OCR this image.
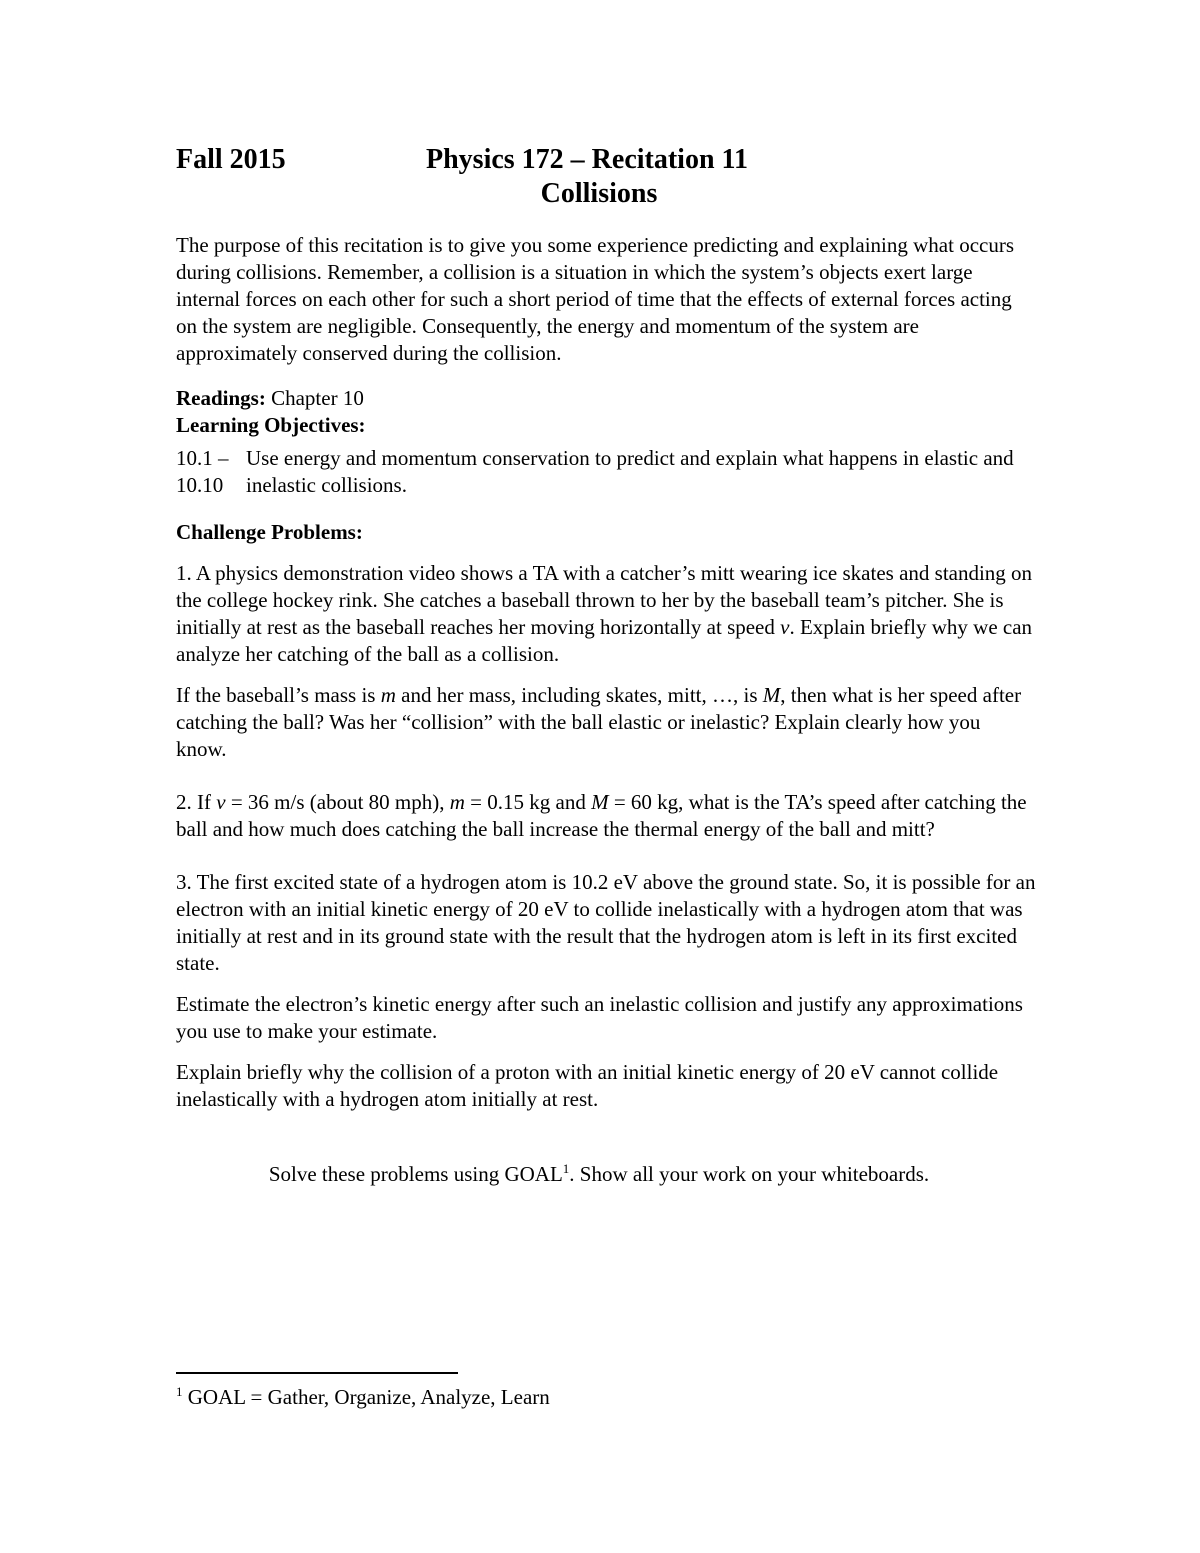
Fall 2015	Physics 172 – Recitation 11
Collisions

The purpose of this recitation is to give you some experience predicting and explaining what occurs during collisions. Remember, a collision is a situation in which the system’s objects exert large internal forces on each other for such a short period of time that the effects of external forces acting on the system are negligible. Consequently, the energy and momentum of the system are approximately conserved during the collision.

Readings: Chapter 10

Learning Objectives:

10.1 – 10.10
Use energy and momentum conservation to predict and explain what happens in elastic and inelastic collisions.

Challenge Problems:

1. A physics demonstration video shows a TA with a catcher’s mitt wearing ice skates and standing on the college hockey rink. She catches a baseball thrown to her by the baseball team’s pitcher. She is initially at rest as the baseball reaches her moving horizontally at speed v. Explain briefly why we can analyze her catching of the ball as a collision.

If the baseball’s mass is m and her mass, including skates, mitt, …, is M, then what is her speed after catching the ball? Was her “collision” with the ball elastic or inelastic? Explain clearly how you know.

2. If v = 36 m/s (about 80 mph), m = 0.15 kg and M = 60 kg, what is the TA’s speed after catching the ball and how much does catching the ball increase the thermal energy of the ball and mitt?

3. The first excited state of a hydrogen atom is 10.2 eV above the ground state. So, it is possible for an electron with an initial kinetic energy of 20 eV to collide inelastically with a hydrogen atom that was initially at rest and in its ground state with the result that the hydrogen atom is left in its first excited state.

Estimate the electron’s kinetic energy after such an inelastic collision and justify any approximations you use to make your estimate.

Explain briefly why the collision of a proton with an initial kinetic energy of 20 eV cannot collide inelastically with a hydrogen atom initially at rest.

Solve these problems using GOAL$^1$. Show all your work on your whiteboards.

$^1$ GOAL = Gather, Organize, Analyze, Learn
